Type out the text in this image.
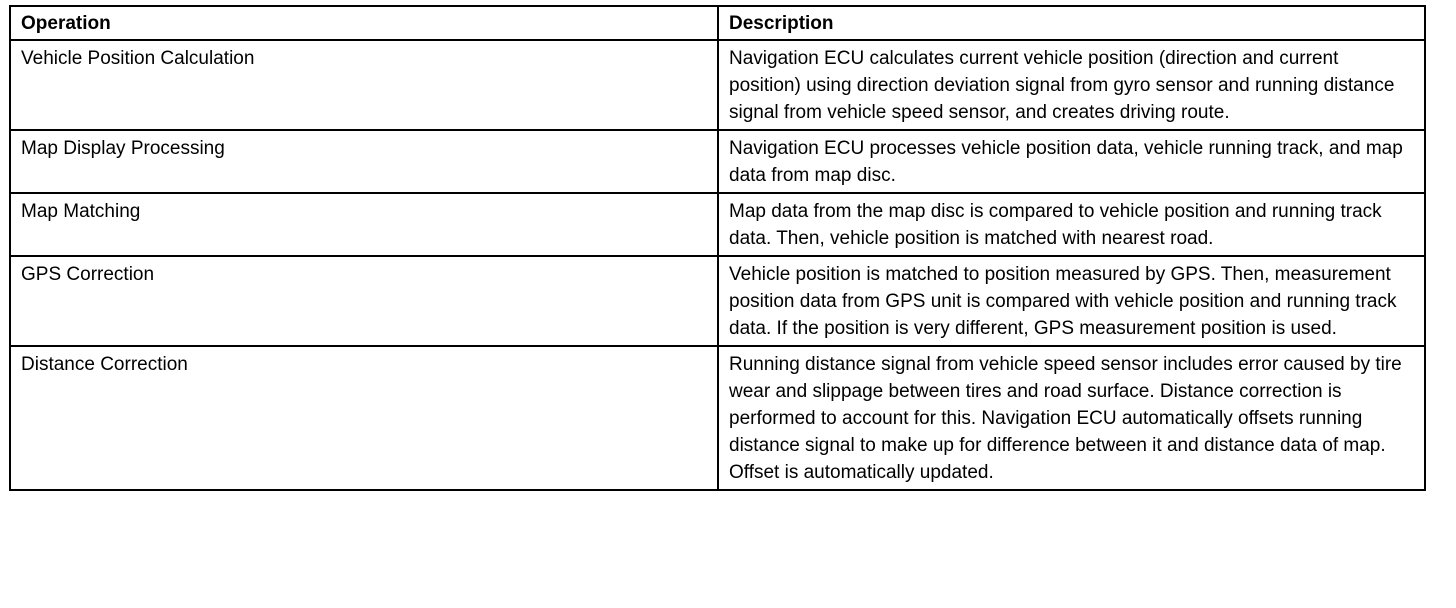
Operation	Description

Vehicle Position Calculation	Navigation ECU calculates current vehicle position (direction and current position) using direction deviation signal from gyro sensor and running distance signal from vehicle speed sensor, and creates driving route.

Map Display Processing	Navigation ECU processes vehicle position data, vehicle running track, and map data from map disc.

Map Matching	Map data from the map disc is compared to vehicle position and running track data. Then, vehicle position is matched with nearest road.

GPS Correction	Vehicle position is matched to position measured by GPS. Then, measurement position data from GPS unit is compared with vehicle position and running track data. If the position is very different, GPS measurement position is used.

Distance Correction	Running distance signal from vehicle speed sensor includes error caused by tire wear and slippage between tires and road surface. Distance correction is performed to account for this. Navigation ECU automatically offsets running distance signal to make up for difference between it and distance data of map. Offset is automatically updated.
